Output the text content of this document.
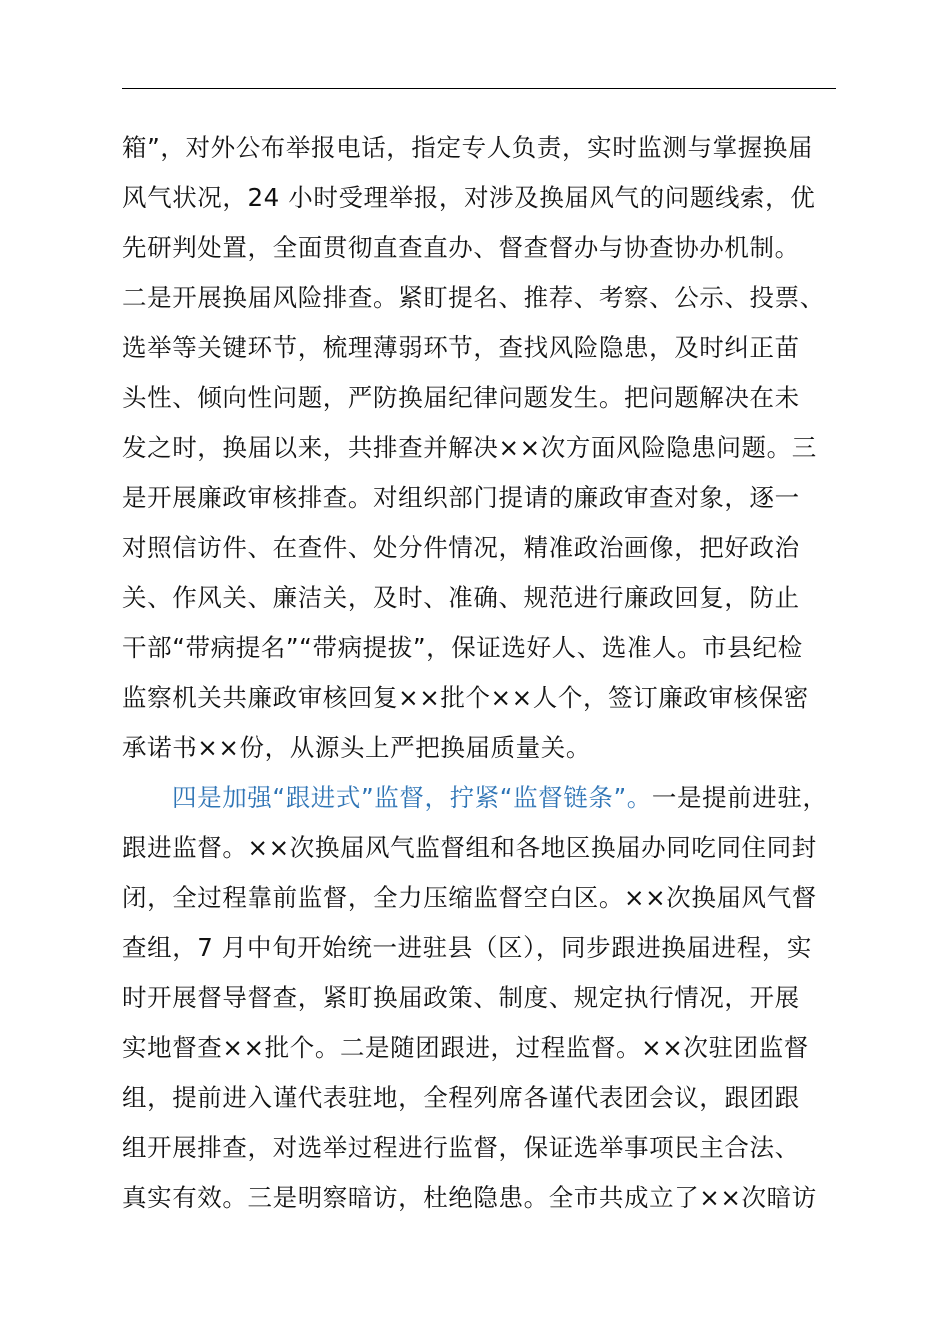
箱”，对外公布举报电话，指定专人负责，实时监测与掌握换届
风气状况，24 小时受理举报，对涉及换届风气的问题线索，优
先研判处置，全面贯彻直查直办、督查督办与协查协办机制。
二是开展换届风险排查。紧盯提名、推荐、考察、公示、投票、
选举等关键环节，梳理薄弱环节，查找风险隐患，及时纠正苗
头性、倾向性问题，严防换届纪律问题发生。把问题解决在未
发之时，换届以来，共排查并解决××次方面风险隐患问题。三
是开展廉政审核排查。对组织部门提请的廉政审查对象，逐一
对照信访件、在查件、处分件情况，精准政治画像，把好政治
关、作风关、廉洁关，及时、准确、规范进行廉政回复，防止
干部“带病提名”“带病提拔”，保证选好人、选准人。市县纪检
监察机关共廉政审核回复××批个××人个，签订廉政审核保密
承诺书××份，从源头上严把换届质量关。
四是加强“跟进式”监督，拧紧“监督链条”。一是提前进驻，
跟进监督。××次换届风气监督组和各地区换届办同吃同住同封
闭，全过程靠前监督，全力压缩监督空白区。××次换届风气督
查组，7 月中旬开始统一进驻县（区），同步跟进换届进程，实
时开展督导督查，紧盯换届政策、制度、规定执行情况，开展
实地督查××批个。二是随团跟进，过程监督。××次驻团监督
组，提前进入谨代表驻地，全程列席各谨代表团会议，跟团跟
组开展排查，对选举过程进行监督，保证选举事项民主合法、
真实有效。三是明察暗访，杜绝隐患。全市共成立了××次暗访
